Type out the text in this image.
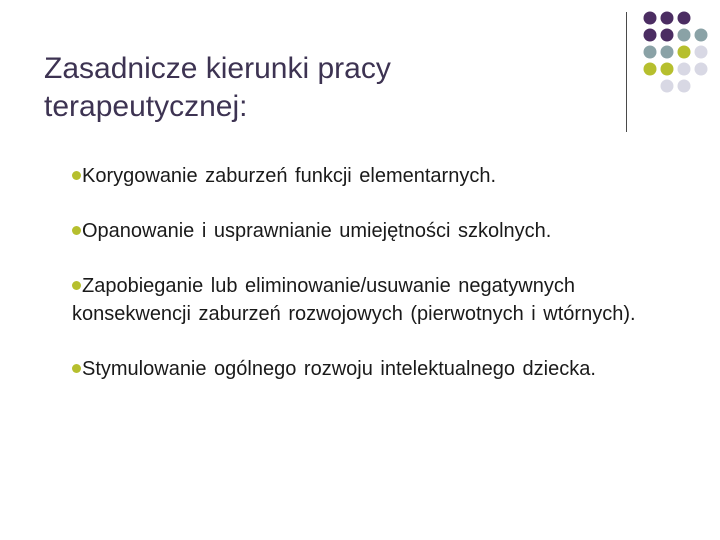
Zasadnicze kierunki pracy
terapeutycznej:
Korygowanie zaburzeń funkcji elementarnych.
Opanowanie i usprawnianie umiejętności szkolnych.
Zapobieganie lub eliminowanie/usuwanie negatywnych konsekwencji zaburzeń rozwojowych (pierwotnych i wtórnych).
Stymulowanie ogólnego rozwoju intelektualnego dziecka.
